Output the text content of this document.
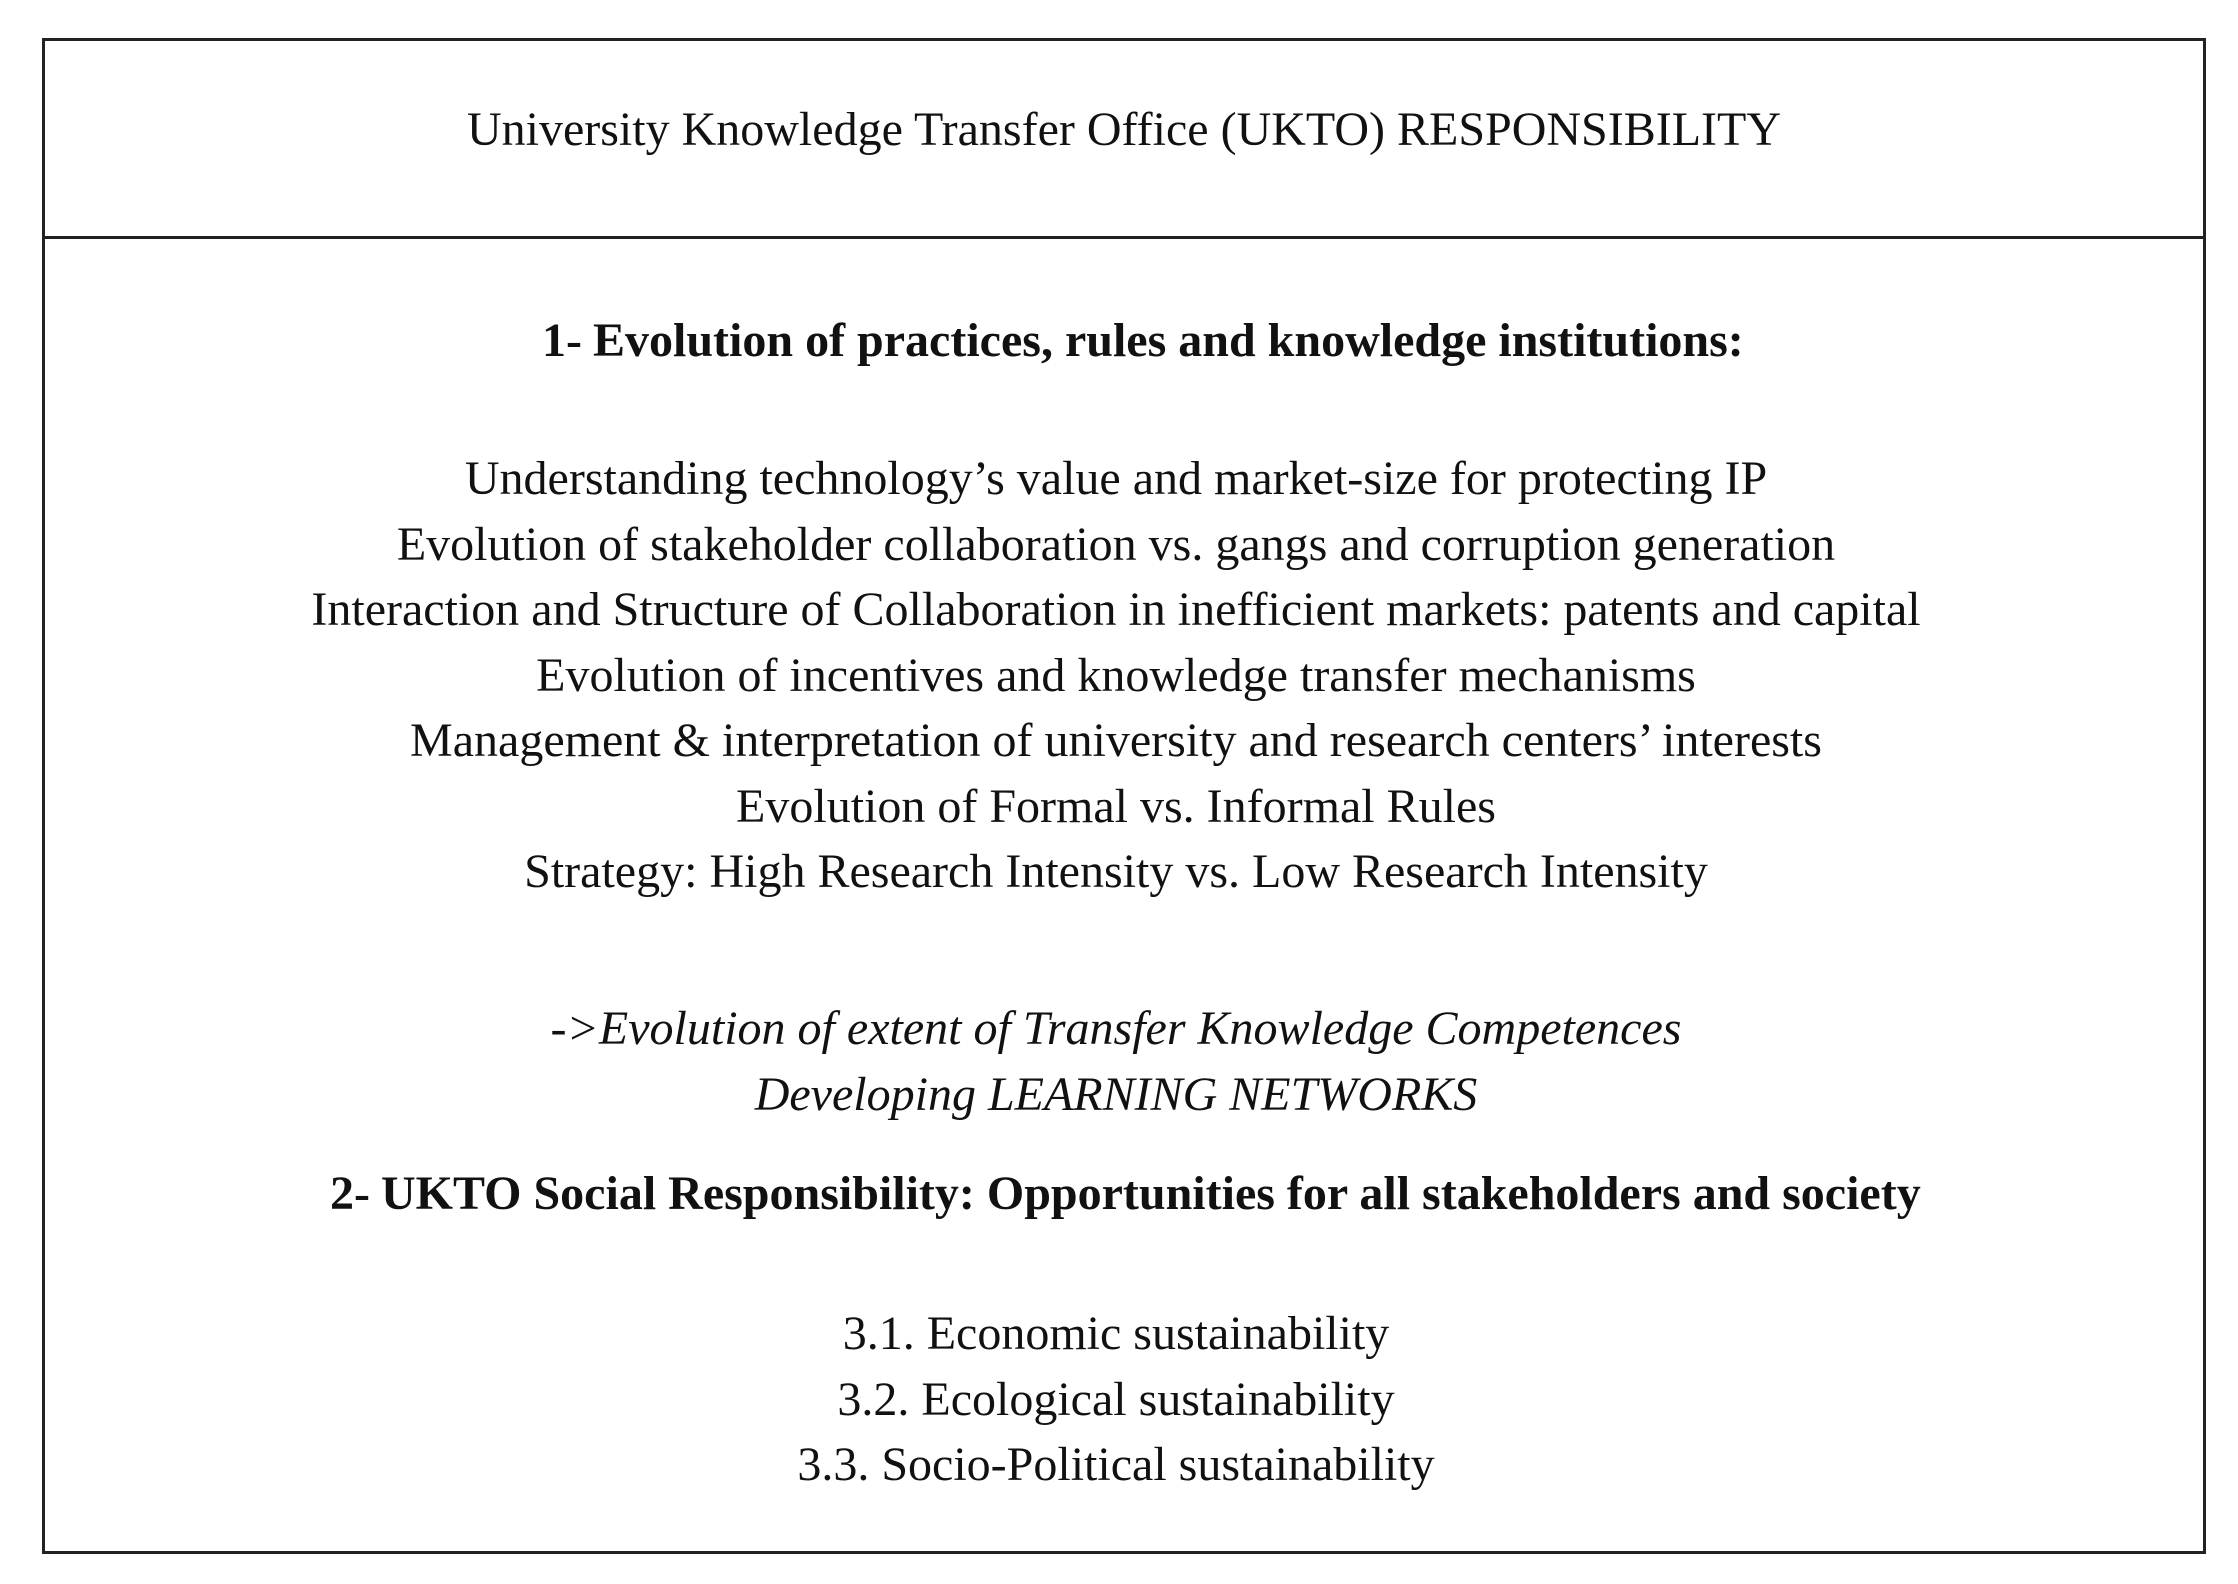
University Knowledge Transfer Office (UKTO) RESPONSIBILITY
1- Evolution of practices, rules and knowledge institutions:
Understanding technology’s value and market-size for protecting IP
Evolution of stakeholder collaboration vs. gangs and corruption generation
Interaction and Structure of Collaboration in inefficient markets: patents and capital
Evolution of incentives and knowledge transfer mechanisms
Management & interpretation of university and research centers’ interests
Evolution of Formal vs. Informal Rules
Strategy: High Research Intensity vs. Low Research Intensity
->Evolution of extent of Transfer Knowledge Competences
Developing LEARNING NETWORKS
2- UKTO Social Responsibility: Opportunities for all stakeholders and society
3.1. Economic sustainability
3.2. Ecological sustainability
3.3. Socio-Political sustainability
